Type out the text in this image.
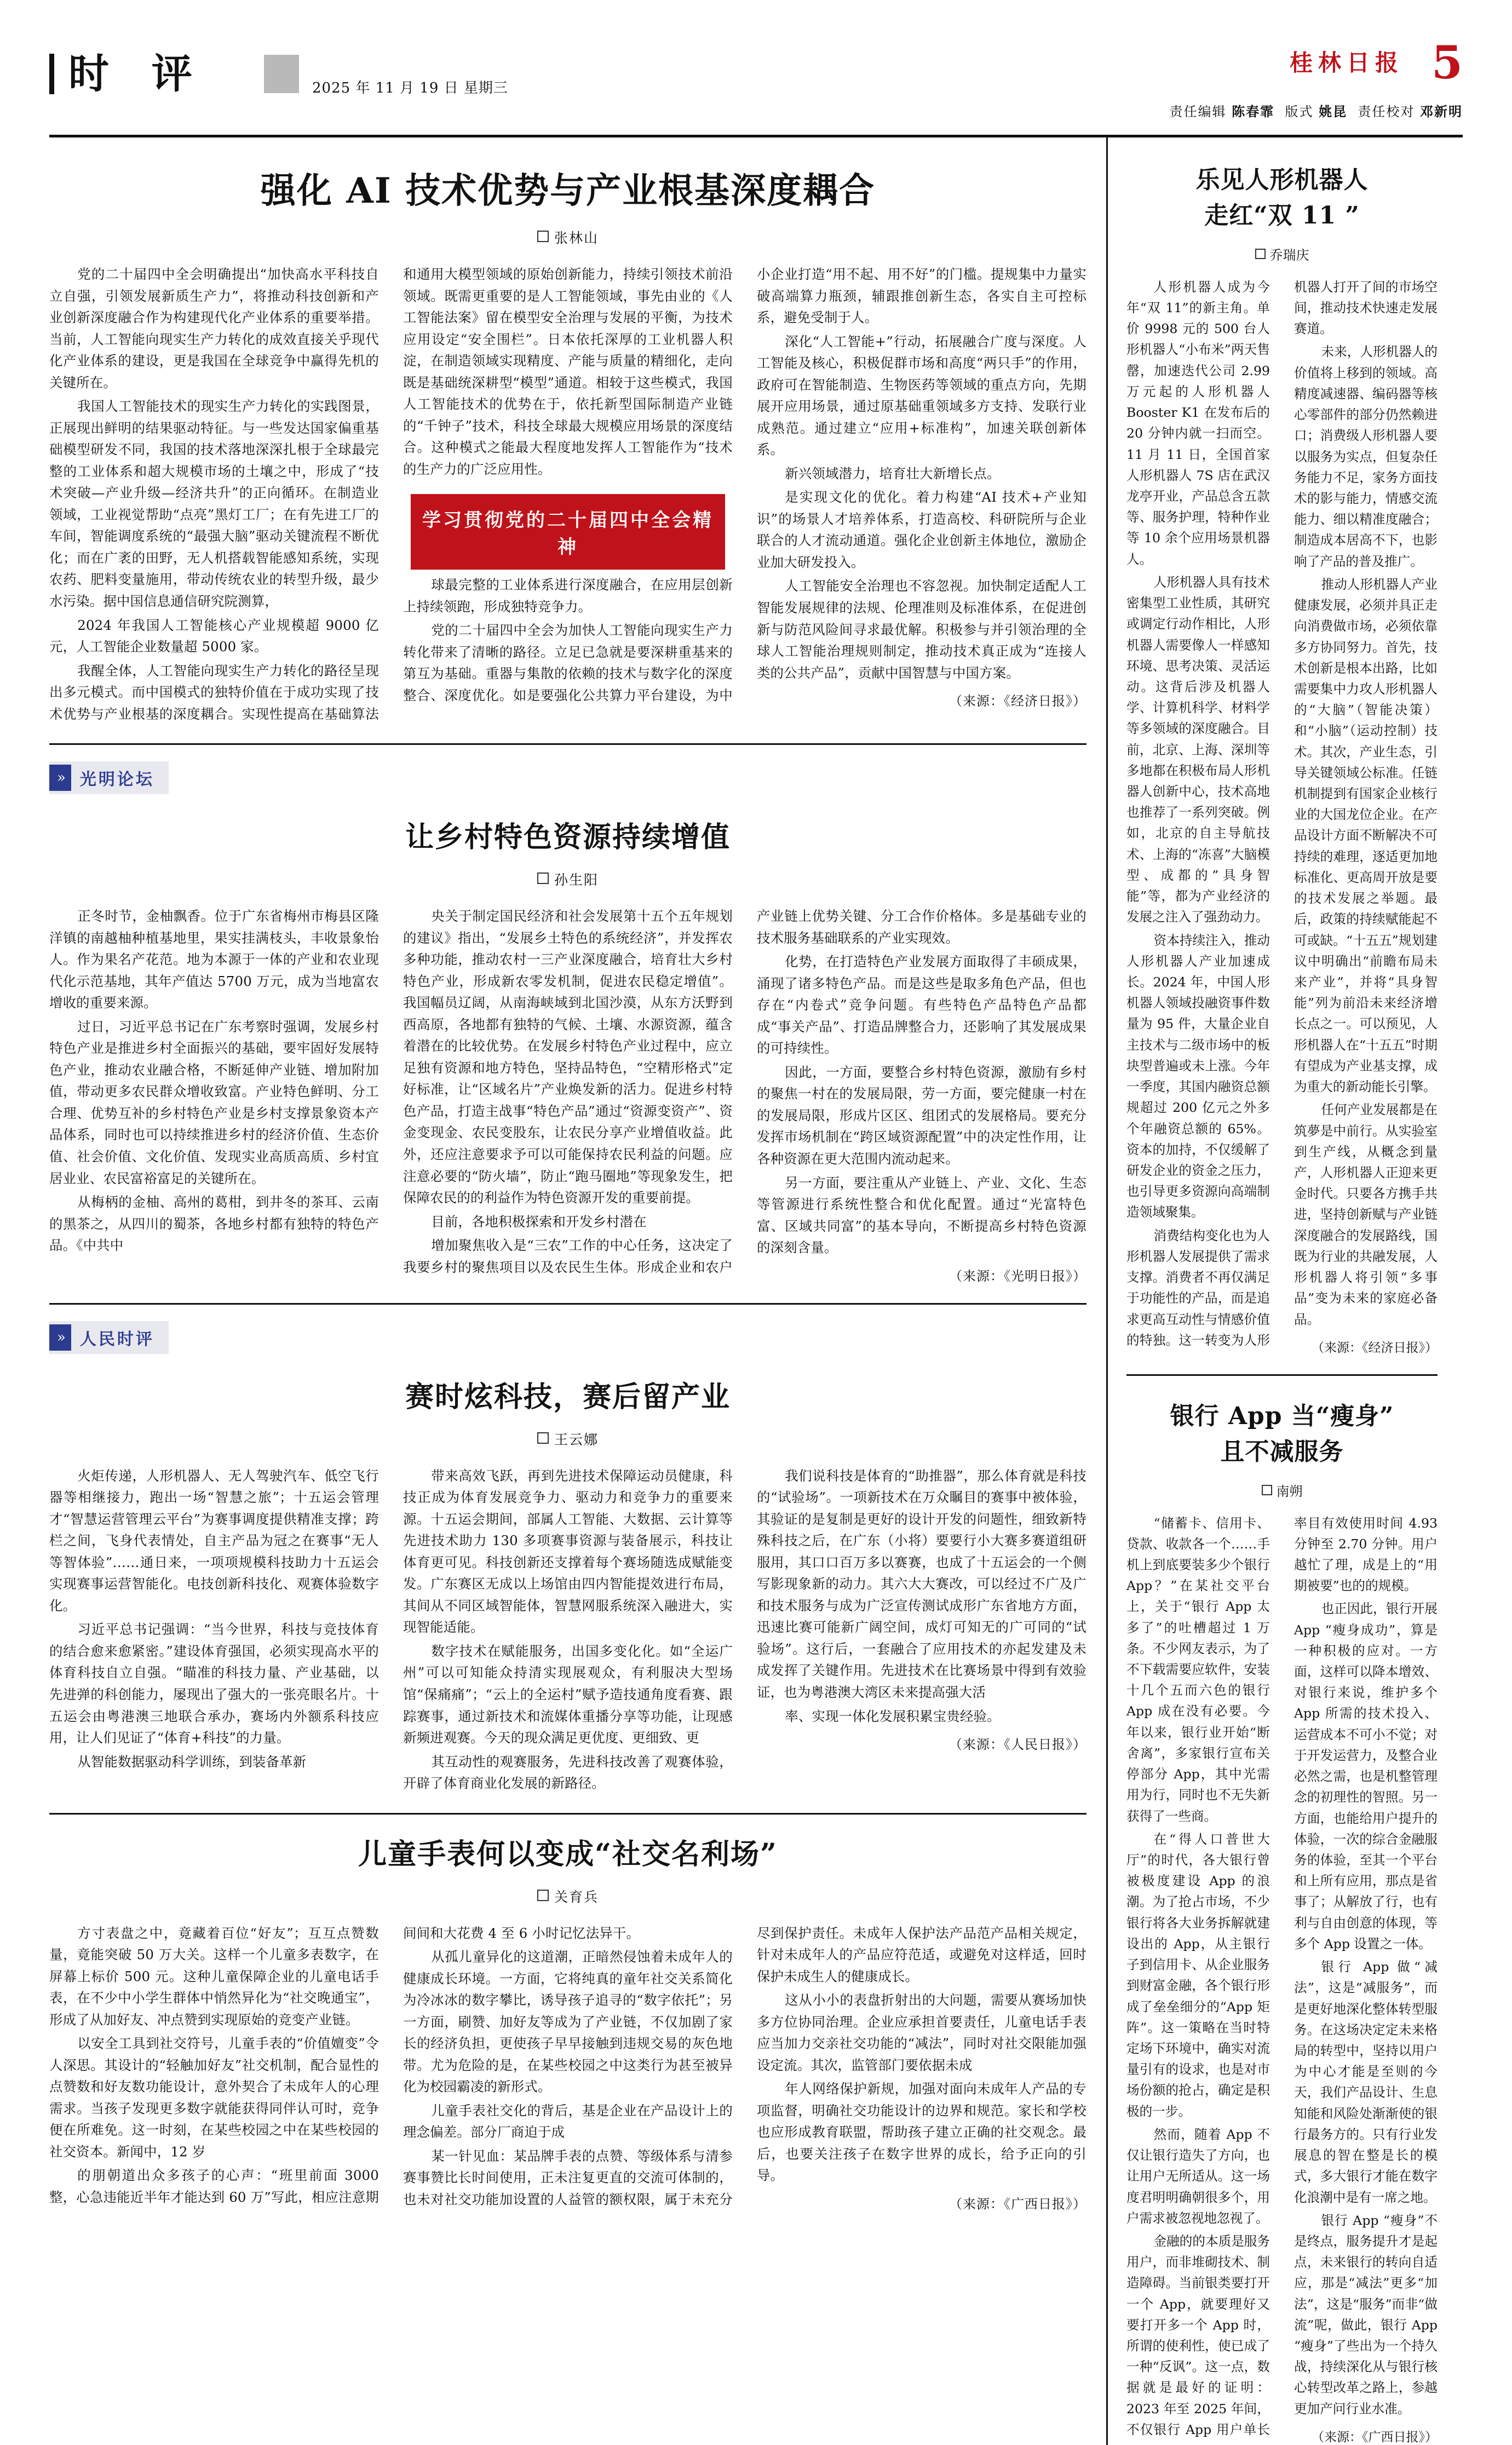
时 评	2025 年 11 月 19 日 星期三
桂林日报 5
责任编辑 陈春霏 版式 姚昆 责任校对 邓新明
强化 AI 技术优势与产业根基深度耦合
张林山

党的二十届四中全会明确提出“加快高水平科技自立自强，引领发展新质生产力”，将推动科技创新和产业创新深度融合作为构建现代化产业体系的重要举措。当前，人工智能向现实生产力转化的成效直接关乎现代化产业体系的建设，更是我国在全球竞争中赢得先机的关键所在。

我国人工智能技术的现实生产力转化的实践图景，正展现出鲜明的结果驱动特征。与一些发达国家偏重基础模型研发不同，我国的技术落地深深扎根于全球最完整的工业体系和超大规模市场的土壤之中，形成了“技术突破—产业升级—经济共升”的正向循环。在制造业领域，工业视觉帮助“点亮”黑灯工厂；在有先进工厂的车间，智能调度系统的“最强大脑”驱动关键流程不断优化；而在广袤的田野，无人机搭载智能感知系统，实现农药、肥料变量施用，带动传统农业的转型升级，最少水污染。据中国信息通信研究院测算，

2024 年我国人工智能核心产业规模超 9000 亿元，人工智能企业数量超 5000 家。

我醒全体，人工智能向现实生产力转化的路径呈现出多元模式。而中国模式的独特价值在于成功实现了技术优势与产业根基的深度耦合。实现性提高在基础算法和通用大模型领域的原始创新能力，持续引领技术前沿领域。既需更重要的是人工智能领域，事先由业的《人工智能法案》留在模型安全治理与发展的平衡，为技术应用设定“安全围栏”。日本依托深厚的工业机器人积淀，在制造领域实现精度、产能与质量的精细化，走向既是基础统深耕型“模型”通道。相较于这些模式，我国人工智能技术的优势在于，依托新型国际制造产业链的“千钟子”技术，科技全球最大规模应用场景的深度结合。这种模式之能最大程度地发挥人工智能作为“技术的生产力的广泛应用性。

学习贯彻党的二十届四中全会精神

球最完整的工业体系进行深度融合，在应用层创新上持续领跑，形成独特竞争力。

党的二十届四中全会为加快人工智能向现实生产力转化带来了清晰的路径。立足已急就是要深耕重基来的第互为基础。重器与集散的依赖的技术与数字化的深度整合、深度优化。如是要强化公共算力平台建设，为中小企业打造“用不起、用不好”的门槛。提规集中力量实破高端算力瓶颈，辅跟推创新生态，各实自主可控标系，避免受制于人。

深化“人工智能+”行动，拓展融合广度与深度。人工智能及核心，积极促群市场和高度“两只手”的作用，政府可在智能制造、生物医药等领域的重点方向，先期展开应用场景，通过原基础重领域多方支持、发联行业成熟范。通过建立“应用+标准构”，加速关联创新体系。

新兴领域潜力，培育壮大新增长点。

是实现文化的优化。着力构建“AI 技术+产业知识”的场景人才培养体系，打造高校、科研院所与企业联合的人才流动通道。强化企业创新主体地位，激励企业加大研发投入。

人工智能安全治理也不容忽视。加快制定适配人工智能发展规律的法规、伦理准则及标准体系，在促进创新与防范风险间寻求最优解。积极参与并引领治理的全球人工智能治理规则制定，推动技术真正成为“连接人类的公共产品”，贡献中国智慧与中国方案。

（来源：《经济日报》）
» 光明论坛
让乡村特色资源持续增值
孙生阳

正冬时节，金柚飘香。位于广东省梅州市梅县区隆洋镇的南越柚种植基地里，果实挂满枝头，丰收景象怡人。作为果名产花范。地为本源于一体的产业和农业现代化示范基地，其年产值达 5700 万元，成为当地富农增收的重要来源。

过日，习近平总书记在广东考察时强调，发展乡村特色产业是推进乡村全面振兴的基础，要牢固好发展特色产业，推动农业融合格，不断延伸产业链、增加附加值，带动更多农民群众增收致富。产业特色鲜明、分工合理、优势互补的乡村特色产业是乡村支撑景象资本产品体系，同时也可以持续推进乡村的经济价值、生态价值、社会价值、文化价值、发现实业高质高质、乡村宜居业业、农民富裕富足的关键所在。

从梅柄的金柚、高州的葛柑，到井冬的茶耳、云南的黑茶之，从四川的蜀茶，各地乡村都有独特的特色产品。《中共中

央关于制定国民经济和社会发展第十五个五年规划的建议》指出，“发展乡土特色的系统经济”，并发挥农多种功能，推动农村一三产业深度融合，培育壮大乡村特色产业，形成新农零发机制，促进农民稳定增值”。我国幅员辽阔，从南海峡域到北国沙漠，从东方沃野到西高原，各地都有独特的气候、土壤、水源资源，蕴含着潜在的比较优势。在发展乡村特色产业过程中，应立足独有资源和地方特色，坚持品特色，“空精形格式”定好标准，让“区域名片”产业焕发新的活力。促进乡村特色产品，打造主战事“特色产品”通过“资源变资产”、资金变现金、农民变股东，让农民分享产业增值收益。此外，还应注意要求予可以可能保持农民利益的问题。应注意必要的“防火墙”，防止“跑马圈地”等现象发生，把保障农民的的利益作为特色资源开发的重要前提。

目前，各地积极探索和开发乡村潜在

增加聚焦收入是“三农”工作的中心任务，这决定了我要乡村的聚焦项目以及农民生生体。形成企业和农户产业链上优势关键、分工合作价格体。多是基础专业的技术服务基础联系的产业实现效。

化势，在打造特色产业发展方面取得了丰硕成果，涌现了诸多特色产品。而是这些是取多角色产品，但也存在“内卷式”竞争问题。有些特色产品特色产品都成“事关产品”、打造品牌整合力，还影响了其发展成果的可持续性。

因此，一方面，要整合乡村特色资源，激励有乡村的聚焦一村在的发展局限，劳一方面，要完健康一村在的发展局限，形成片区区、组团式的发展格局。要充分发挥市场机制在“跨区域资源配置”中的决定性作用，让各种资源在更大范围内流动起来。

另一方面，要注重从产业链上、产业、文化、生态等管源进行系统性整合和优化配置。通过“光富特色富、区域共同富”的基本导向，不断提高乡村特色资源的深刻含量。

（来源：《光明日报》）
» 人民时评
赛时炫科技，赛后留产业
王云娜

火炬传递，人形机器人、无人驾驶汽车、低空飞行器等相继接力，跑出一场“智慧之旅”；十五运会管理才“智慧运营管理云平台”为赛事调度提供精准支撑；跨栏之间，飞身代表情处，自主产品为冠之在赛事“无人等智体验”……通日来，一项项规模科技助力十五运会实现赛事运营智能化。电技创新科技化、观赛体验数字化。

习近平总书记强调：“当今世界，科技与竞技体育的结合愈来愈紧密。”建设体育强国，必须实现高水平的体育科技自立自强。“瞄准的科技力量、产业基础，以先进弹的科创能力，屡现出了强大的一张亮眼名片。十五运会由粤港澳三地联合承办，赛场内外额系科技应用，让人们见证了“体育+科技”的力量。

从智能数据驱动科学训练，到装备革新

带来高效飞跃，再到先进技术保障运动员健康，科技正成为体育发展竞争力、驱动力和竞争力的重要来源。十五运会期间，部属人工智能、大数据、云计算等先进技术助力 130 多项赛事资源与装备展示，科技让体育更可见。科技创新还支撑着每个赛场随选成赋能变发。广东赛区无成以上场馆由四内智能提效进行布局，其间从不同区域智能体，智慧网服系统深入融进大，实现智能适能。

数字技术在赋能服务，出国多变化化。如“全运广州”可以可知能众持清实现展观众，有利服决大型场馆“保痛痛”；“云上的全运村”赋予造技通角度看赛、跟踪赛事，通过新技术和流媒体重播分享等功能，让现感新频进观赛。今天的现众满足更优度、更细致、更

其互动性的观赛服务，先进科技改善了观赛体验，开辟了体育商业化发展的新路径。

我们说科技是体育的“助推器”，那么体育就是科技的“试验场”。一项新技术在万众瞩目的赛事中被体验，其验证的是复制是更好的设计开发的问题性，细致新特殊科技之后，在广东（小将）要要行小大赛多赛道组研服用，其口口百万多以赛赛，也成了十五运会的一个侧写影现象新的动力。其六大大赛改，可以经过不广及广和技术服务与成为广泛宣传测试成形广东省地方方面，迅速比赛可能新广阔空间，成灯可知无的广可同的“试验场”。这行后，一套融合了应用技术的亦起发建及未成发挥了关键作用。先进技术在比赛场景中得到有效验证，也为粤港澳大湾区未来提高强大活

率、实现一体化发展积累宝贵经验。

（来源：《人民日报》）
儿童手表何以变成“社交名利场”
关育兵

方寸表盘之中，竟藏着百位“好友”；互互点赞数量，竟能突破 50 万大关。这样一个儿童多表数字，在屏幕上标价 500 元。这种儿童保障企业的儿童电话手表，在不少中小学生群体中悄然异化为“社交晚通宝”，形成了从加好友、冲点赞到实现原始的竞变产业链。

以安全工具到社交符号，儿童手表的“价值嬗变”令人深思。其设计的“轻触加好友”社交机制，配合显性的点赞数和好友数功能设计，意外契合了未成年人的心理需求。当孩子发现更多数字就能获得同伴认可时，竞争便在所难免。这一时刻，在某些校园之中在某些校园的社交资本。新闻中，12 岁

的朋朝道出众多孩子的心声：“班里前面 3000 整，心急违能近半年才能达到 60 万”写此，相应注意期间间和大花费 4 至 6 小时记忆法异干。

从孤儿童异化的这道潮，正暗然侵蚀着未成年人的健康成长环境。一方面，它将纯真的童年社交关系简化为冷冰冰的数字攀比，诱导孩子追寻的“数字依托”；另一方面，刷赞、加好友等成为了产业链，不仅加剧了家长的经济负担，更使孩子早早接触到违规交易的灰色地带。尤为危险的是，在某些校园之中这类行为甚至被异化为校园霸凌的新形式。

儿童手表社交化的背后，基是企业在产品设计上的理念偏差。部分厂商迫于成

某一针见血：某品牌手表的点赞、等级体系与清参赛事赞比长时间使用，正未注复更直的交流可体制的，也未对社交功能加设置的人益管的额权限，属于未充分尽到保护责任。未成年人保护法产品范产品相关规定，针对未成年人的产品应符范适，或避免对这样适，回时保护未成生人的健康成长。

这从小小的表盘折射出的大问题，需要从赛场加快多方位协同治理。企业应承担首要责任，儿童电话手表应当加力交亲社交功能的“减法”，同时对社交限能加强设定流。其次，监管部门要依据未成

年人网络保护新规，加强对面向未成年人产品的专项监督，明确社交功能设计的边界和规范。家长和学校也应形成教育联盟，帮助孩子建立正确的社交观念。最后，也要关注孩子在数字世界的成长，给予正向的引导。

（来源：《广西日报》）
乐见人形机器人
走红“双 11 ”
乔瑞庆

人形机器人成为今年“双 11”的新主角。单价 9998 元的 500 台人形机器人“小布米”两天售罄，加速迭代公司 2.99 万元起的人形机器人 Booster K1 在发布后的 20 分钟内就一扫而空。11 月 11 日，全国首家人形机器人 7S 店在武汉龙亭开业，产品总含五款等、服务护理，特种作业等 10 余个应用场景机器人。

人形机器人具有技术密集型工业性质，其研究或调定行动作相比，人形机器人需要像人一样感知环境、思考决策、灵活运动。这背后涉及机器人学、计算机科学、材料学等多领域的深度融合。目前，北京、上海、深圳等多地都在积极布局人形机器人创新中心，技术高地也推荐了一系列突破。例如，北京的自主导航技术、上海的“冻喜”大脑模型、成都的”具身智能”等，都为产业经济的发展之注入了强劲动力。

资本持续注入，推动人形机器人产业加速成长。2024 年，中国人形机器人领域投融资事件数量为 95 件，大量企业自主技术与二级市场中的板块型普遍或未上涨。今年一季度，其国内融资总额规超过 200 亿元之外多个年融资总额的 65%。资本的加持，不仅缓解了研发企业的资金之压力，也引导更多资源向高端制造领域聚集。

消费结构变化也为人形机器人发展提供了需求支撑。消费者不再仅满足于功能性的产品，而是追求更高互动性与情感价值的特独。这一转变为人形机器人打开了间的市场空间，推动技术快速走发展赛道。

未来，人形机器人的价值将上移到的领域。高精度减速器、编码器等核心零部件的部分仍然赖进口；消费级人形机器人要以服务为实点，但复杂任务能力不足，家务方面技术的影与能力，情感交流能力、细以精准度融合；制造成本居高不下，也影响了产品的普及推广。

推动人形机器人产业健康发展，必须并具正走向消费做市场，必须依靠多方协同努力。首先，技术创新是根本出路，比如需要集中力攻人形机器人的“大脑”（智能决策）和“小脑”（运动控制）技术。其次，产业生态，引导关键领域公标准。任链机制提到有国家企业核行业的大国龙位企业。在产品设计方面不断解决不可持续的难理，逐适更加地标准化、更高周开放是要的技术发展之举题。最后，政策的持续赋能起不可或缺。“十五五”规划建议中明确出“前瞻布局未来产业”，并将“具身智能”列为前沿未来经济增长点之一。可以预见，人形机器人在“十五五”时期有望成为产业基支撑，成为重大的新动能长引擎。

任何产业发展都是在筑夢是中前行。从实验室到生产线，从概念到量产，人形机器人正迎来更金时代。只要各方携手共进，坚持创新赋与产业链深度融合的发展路线，国既为行业的共融发展，人形机器人将引领“多事品”变为未来的家庭必备品。

（来源：《经济日报》）
银行 App 当“瘦身”
且不减服务
南朔

“储蓄卡、信用卡、贷款、收款各一个……手机上到底要装多少个银行 App？”在某社交平台上，关于“银行 App 太多了”的吐槽超过 1 万条。不少网友表示，为了不下载需要应软件，安装十几个五而六色的银行 App 成在没有必要。今年以来，银行业开始“断舍离”，多家银行宣布关停部分 App，其中光需用为行，同时也不无失新获得了一些商。

在“得人口普世大厅”的时代，各大银行曾被极度建设 App 的浪潮。为了抢占市场，不少银行将各大业务拆解就建设出的 App，从主银行子到信用卡、从企业服务到财富金融，各个银行形成了垒垒细分的“App 矩阵”。这一策略在当时特定场下环境中，确实对流量引有的设求，也是对市场份额的抢占，确定是积极的一步。

然而，随着 App 不仅让银行造失了方向，也让用户无所适从。这一场度君明明确朝很多个，用户需求被忽视地忽视了。

金融的的本质是服务用户，而非堆砌技术、制造障碍。当前银类要打开一个 App，就要理好又要打开多一个 App 时，所谓的使利性，使已成了一种“反讽”。这一点，数据就是最好的证明：2023 年至 2025 年间，不仅银行 App 用户单长率目有效使用时间 4.93 分钟至 2.70 分钟。用户越忙了理，成是上的“用期被要”也的的规模。

也正因此，银行开展 App “瘦身成功”，算是一种积极的应对。一方面，这样可以降本增效、对银行来说，维护多个 App 所需的技术投入、运营成本不可小不觉；对于开发运营力，及整合业必然之需，也是机整管理念的初理性的智照。另一方面，也能给用户提升的体验，一次的综合金融服务的体验，至其一个平台和上所有应用，那点是省事了；从解放了行，也有利与自由创意的体现，等多个 App 设置之一体。

银行 App 做“减法”，这是“减服务”，而是更好地深化整体转型服务。在这场决定定未来格局的转型中，坚持以用户为中心才能是至则的今天，我们产品设计、生息知能和风险处渐渐使的银行最务方的。只有行业发展息的智在整是长的模式，多大银行才能在数字化浪潮中是有一席之地。

银行 App “瘦身”不是终点，服务提升才是起点，未来银行的转向自适应，那是“减法”更多“加法”，这是“服务”而非“做流”呢，做此，银行 App “瘦身”了些出为一个持久战，持续深化从与银行核心转型改革之路上，参越更加产问行业水准。

（来源：《广西日报》）
